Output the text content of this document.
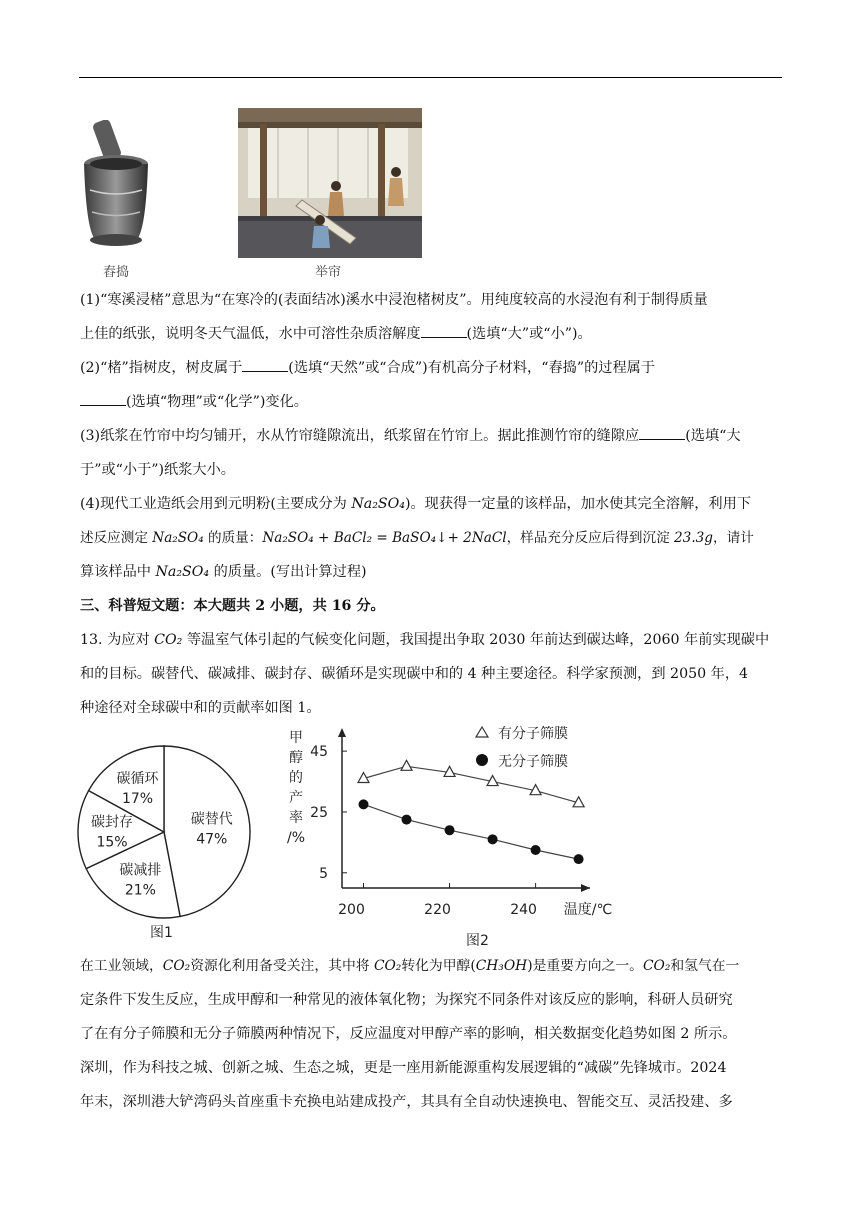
舂捣	举帘
(1)“寒溪浸楮”意思为“在寒冷的(表面结冰)溪水中浸泡楮树皮”。用纯度较高的水浸泡有利于制得质量
上佳的纸张，说明冬天气温低，水中可溶性杂质溶解度	(选填“大”或“小”)。
(2)“楮”指树皮，树皮属于	(选填“天然”或“合成”)有机高分子材料，“舂捣”的过程属于
(选填“物理”或“化学”)变化。
(3)纸浆在竹帘中均匀铺开，水从竹帘缝隙流出，纸浆留在竹帘上。据此推测竹帘的缝隙应	(选填“大
于”或“小于”)纸浆大小。
(4)现代工业造纸会用到元明粉(主要成分为 Na₂SO₄)。现获得一定量的该样品，加水使其完全溶解，利用下
述反应测定 Na₂SO₄ 的质量：Na₂SO₄ + BaCl₂ = BaSO₄↓+ 2NaCl，样品充分反应后得到沉淀 23.3g，请计
算该样品中 Na₂SO₄ 的质量。(写出计算过程)
三、科普短文题：本大题共 2 小题，共 16 分。
13. 为应对 CO₂ 等温室气体引起的气候变化问题，我国提出争取 2030 年前达到碳达峰，2060 年前实现碳中
和的目标。碳替代、碳减排、碳封存、碳循环是实现碳中和的 4 种主要途径。科学家预测，到 2050 年，4
种途径对全球碳中和的贡献率如图 1。
碳替代
47%
碳减排
21%
碳封存
15%
碳循环
17%
图1
5
25
45
200	220	240 温度/℃
甲
醇
的
产
率
/%
有分子筛膜
无分子筛膜
图2
在工业领域，CO₂资源化利用备受关注，其中将 CO₂转化为甲醇(CH₃OH)是重要方向之一。CO₂和氢气在一
定条件下发生反应，生成甲醇和一种常见的液体氧化物；为探究不同条件对该反应的影响，科研人员研究
了在有分子筛膜和无分子筛膜两种情况下，反应温度对甲醇产率的影响，相关数据变化趋势如图 2 所示。
深圳，作为科技之城、创新之城、生态之城，更是一座用新能源重构发展逻辑的“减碳”先锋城市。2024
年末，深圳港大铲湾码头首座重卡充换电站建成投产，其具有全自动快速换电、智能交互、灵活投建、多
